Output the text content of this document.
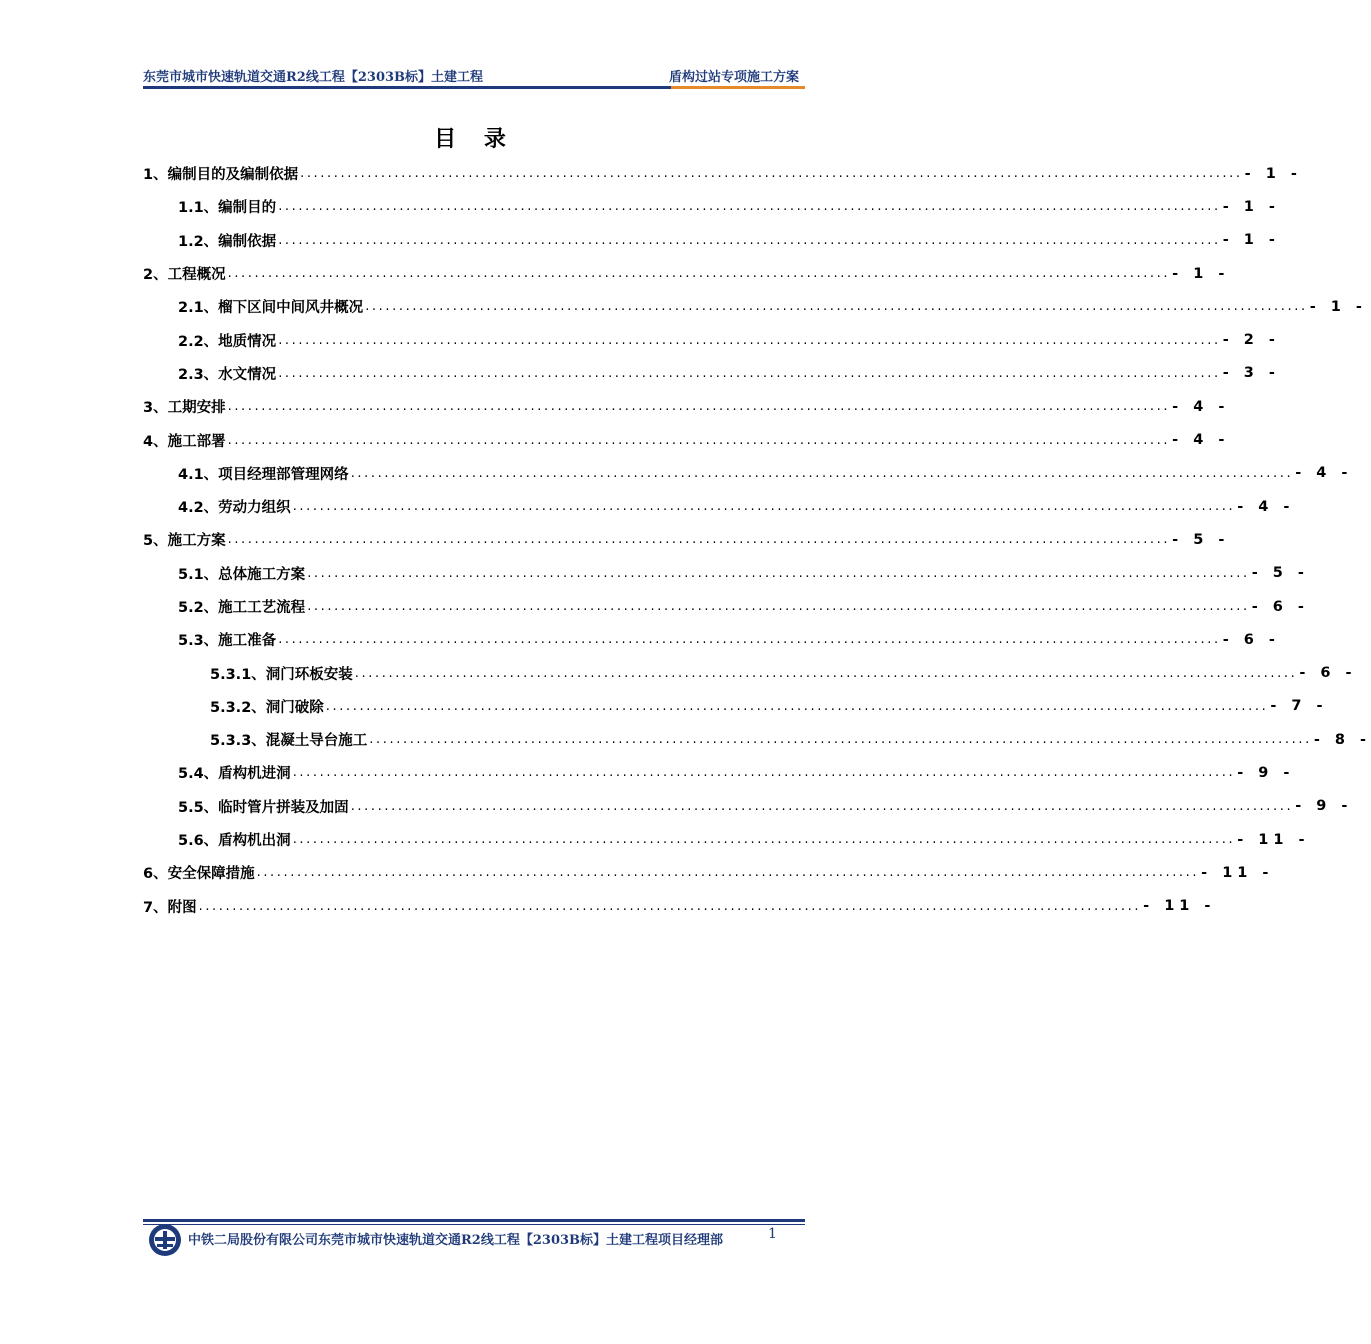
东莞市城市快速轨道交通R2线工程【2303B标】土建工程	盾构过站专项施工方案
目 录
1、编制目的及编制依据 ............................................................................................................................................ - 1 -
1.1、编制目的 ............................................................................................................................................ - 1 -
1.2、编制依据 ............................................................................................................................................ - 1 -
2、工程概况 ............................................................................................................................................ - 1 -
2.1、榴下区间中间风井概况 ............................................................................................................................................ - 1 -
2.2、地质情况 ............................................................................................................................................ - 2 -
2.3、水文情况 ............................................................................................................................................ - 3 -
3、工期安排 ............................................................................................................................................ - 4 -
4、施工部署 ............................................................................................................................................ - 4 -
4.1、项目经理部管理网络 ............................................................................................................................................ - 4 -
4.2、劳动力组织 ............................................................................................................................................ - 4 -
5、施工方案 ............................................................................................................................................ - 5 -
5.1、总体施工方案 ............................................................................................................................................ - 5 -
5.2、施工工艺流程 ............................................................................................................................................ - 6 -
5.3、施工准备 ............................................................................................................................................ - 6 -
5.3.1、洞门环板安装 ............................................................................................................................................ - 6 -
5.3.2、洞门破除 ............................................................................................................................................ - 7 -
5.3.3、混凝土导台施工 ............................................................................................................................................ - 8 -
5.4、盾构机进洞 ............................................................................................................................................ - 9 -
5.5、临时管片拼装及加固 ............................................................................................................................................ - 9 -
5.6、盾构机出洞 ............................................................................................................................................ - 11 -
6、安全保障措施 ............................................................................................................................................ - 11 -
7、附图 ............................................................................................................................................ - 11 -
中铁二局股份有限公司东莞市城市快速轨道交通R2线工程【2303B标】土建工程项目经理部	1
